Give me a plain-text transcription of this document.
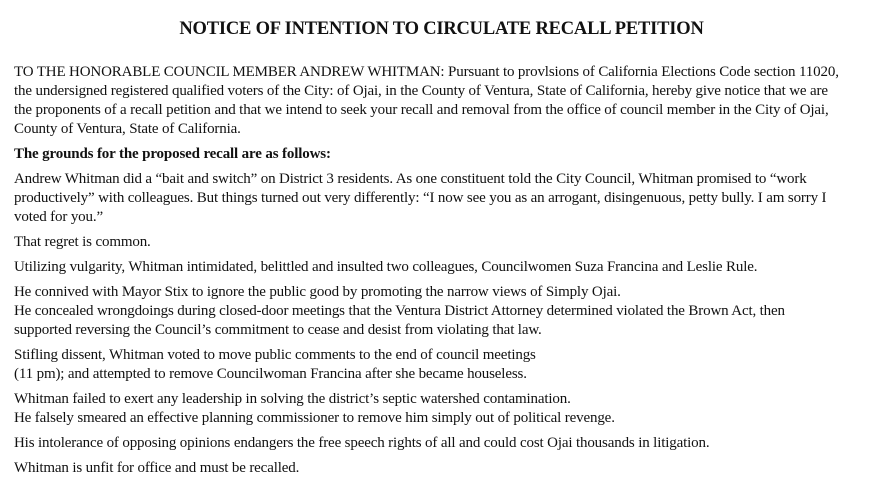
NOTICE OF INTENTION TO CIRCULATE RECALL PETITION

TO THE HONORABLE COUNCIL MEMBER ANDREW WHITMAN: Pursuant to provlsions of California Elections Code section 11020,
the undersigned registered qualified voters of the City: of Ojai, in the County of Ventura, State of California, hereby give notice that we are
the proponents of a recall petition and that we intend to seek your recall and removal from the office of council member in the City of Ojai,
County of Ventura, State of California.

The grounds for the proposed recall are as follows:

Andrew Whitman did a “bait and switch” on District 3 residents. As one constituent told the City Council, Whitman promised to “work
productively” with colleagues. But things turned out very differently: “I now see you as an arrogant, disingenuous, petty bully. I am sorry I
voted for you.”

That regret is common.

Utilizing vulgarity, Whitman intimidated, belittled and insulted two colleagues, Councilwomen Suza Francina and Leslie Rule.

He connived with Mayor Stix to ignore the public good by promoting the narrow views of Simply Ojai.
He concealed wrongdoings during closed-door meetings that the Ventura District Attorney determined violated the Brown Act, then
supported reversing the Council’s commitment to cease and desist from violating that law.

Stifling dissent, Whitman voted to move public comments to the end of council meetings
(11 pm); and attempted to remove Councilwoman Francina after she became houseless.

Whitman failed to exert any leadership in solving the district’s septic watershed contamination.
He falsely smeared an effective planning commissioner to remove him simply out of political revenge.

His intolerance of opposing opinions endangers the free speech rights of all and could cost Ojai thousands in litigation.

Whitman is unfit for office and must be recalled.
